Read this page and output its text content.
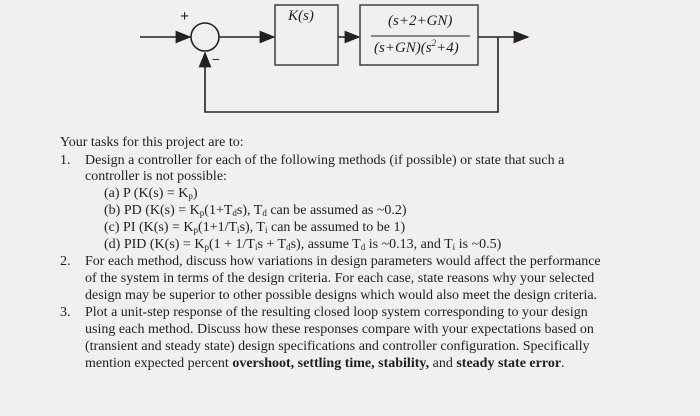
+
−
K(s)	(s+2+GN)
$(s+GN)(s^2+4)$
Your tasks for this project are to:
1. Design a controller for each of the following methods (if possible) or state that such a
controller is not possible:
(a) P $(K(s) = K_p)$
(b) PD ($K(s) = K_p(1+T_ds)$, $T_d$ can be assumed as ~0.2)
(c) PI ($K(s) = K_p(1+1/T_is)$, $T_i$ can be assumed to be 1)
(d) PID ($K(s) = K_p(1 + 1/T_is + T_ds)$, assume $T_d$ is ~0.13, and $T_i$ is ~0.5)
2. For each method, discuss how variations in design parameters would affect the performance
of the system in terms of the design criteria. For each case, state reasons why your selected
design may be superior to other possible designs which would also meet the design criteria.
3. Plot a unit-step response of the resulting closed loop system corresponding to your design
using each method. Discuss how these responses compare with your expectations based on
(transient and steady state) design specifications and controller configuration. Specifically
mention expected percent overshoot, settling time, stability, and steady state error.
